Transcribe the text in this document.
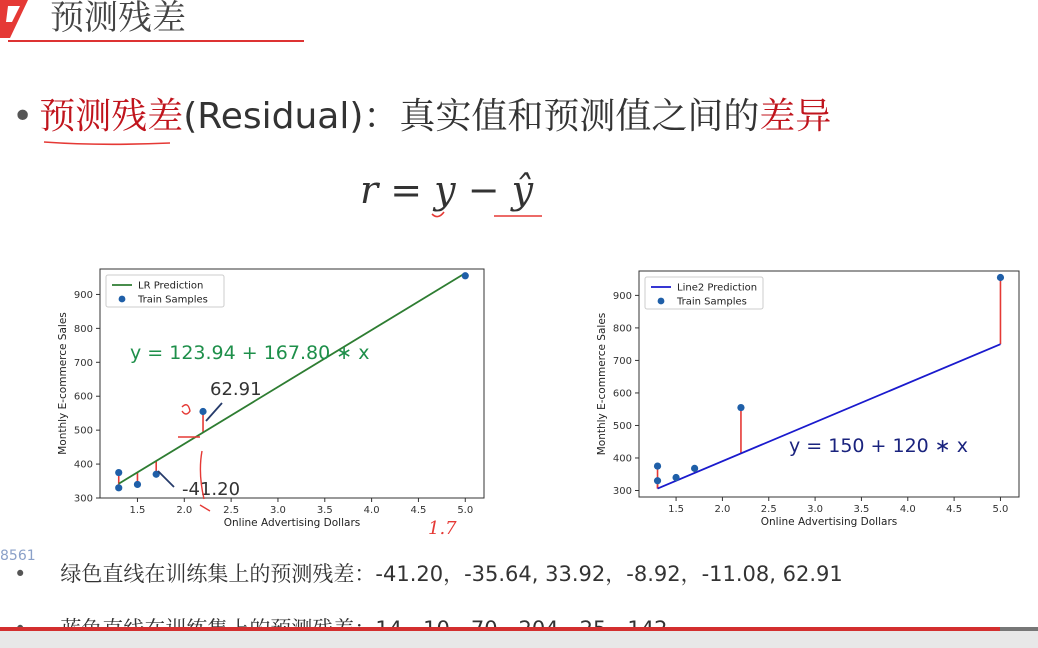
预测残差
• 预测残差(Residual)：真实值和预测值之间的差异
r = y − ŷ
1.5	2.0	2.5	3.0	3.5	4.0	4.5	5.0
300
400
500
600
700
800
900
Online Advertising Dollars
Monthly E-commerce Sales
LR Prediction
Train Samples
y = 123.94 + 167.80 ∗ x
62.91
-41.20
1.5	2.0	2.5	3.0	3.5	4.0	4.5	5.0
300
400
500
600
700
800
900
Online Advertising Dollars
Monthly E-commerce Sales
Line2 Prediction
Train Samples
y = 150 + 120 ∗ x
8561
• 绿色直线在训练集上的预测残差：-41.20，-35.64, 33.92，-8.92，-11.08, 62.91
1.7
